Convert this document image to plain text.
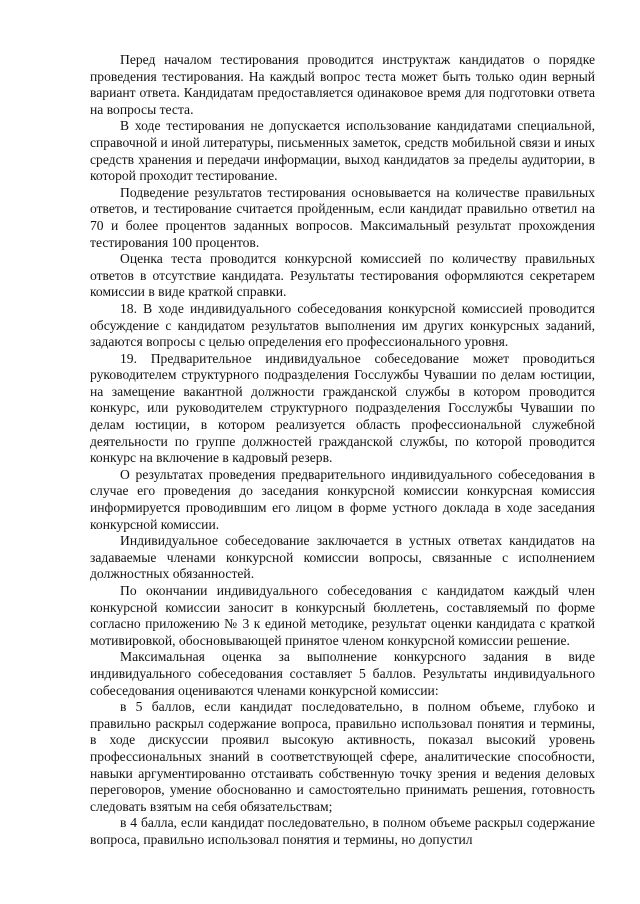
Перед началом тестирования проводится инструктаж кандидатов о порядке проведения тестирования. На каждый вопрос теста может быть только один верный вариант ответа. Кандидатам предоставляется одинаковое время для подготовки ответа на вопросы теста.

В ходе тестирования не допускается использование кандидатами специальной, справочной и иной литературы, письменных заметок, средств мобильной связи и иных средств хранения и передачи информации, выход кандидатов за пределы аудитории, в которой проходит тестирование.

Подведение результатов тестирования основывается на количестве правильных ответов, и тестирование считается пройденным, если кандидат правильно ответил на 70 и более процентов заданных вопросов. Максимальный результат прохождения тестирования 100 процентов.

Оценка теста проводится конкурсной комиссией по количеству правильных ответов в отсутствие кандидата. Результаты тестирования оформляются секретарем комиссии в виде краткой справки.

18. В ходе индивидуального собеседования конкурсной комиссией проводится обсуждение с кандидатом результатов выполнения им других конкурсных заданий, задаются вопросы с целью определения его профессионального уровня.

19. Предварительное индивидуальное собеседование может проводиться руководителем структурного подразделения Госслужбы Чувашии по делам юстиции, на замещение вакантной должности гражданской службы в котором проводится конкурс, или руководителем структурного подразделения Госслужбы Чувашии по делам юстиции, в котором реализуется область профессиональной служебной деятельности по группе должностей гражданской службы, по которой проводится конкурс на включение в кадровый резерв.

О результатах проведения предварительного индивидуального собеседования в случае его проведения до заседания конкурсной комиссии конкурсная комиссия информируется проводившим его лицом в форме устного доклада в ходе заседания конкурсной комиссии.

Индивидуальное собеседование заключается в устных ответах кандидатов на задаваемые членами конкурсной комиссии вопросы, связанные с исполнением должностных обязанностей.

По окончании индивидуального собеседования с кандидатом каждый член конкурсной комиссии заносит в конкурсный бюллетень, составляемый по форме согласно приложению № 3 к единой методике, результат оценки кандидата с краткой мотивировкой, обосновывающей принятое членом конкурсной комиссии решение.

Максимальная оценка за выполнение конкурсного задания в виде индивидуального собеседования составляет 5 баллов. Результаты индивидуального собеседования оцениваются членами конкурсной комиссии:

в 5 баллов, если кандидат последовательно, в полном объеме, глубоко и правильно раскрыл содержание вопроса, правильно использовал понятия и термины, в ходе дискуссии проявил высокую активность, показал высокий уровень профессиональных знаний в соответствующей сфере, аналитические способности, навыки аргументированно отстаивать собственную точку зрения и ведения деловых переговоров, умение обоснованно и самостоятельно принимать решения, готовность следовать взятым на себя обязательствам;

в 4 балла, если кандидат последовательно, в полном объеме раскрыл содержание вопроса, правильно использовал понятия и термины, но допустил
